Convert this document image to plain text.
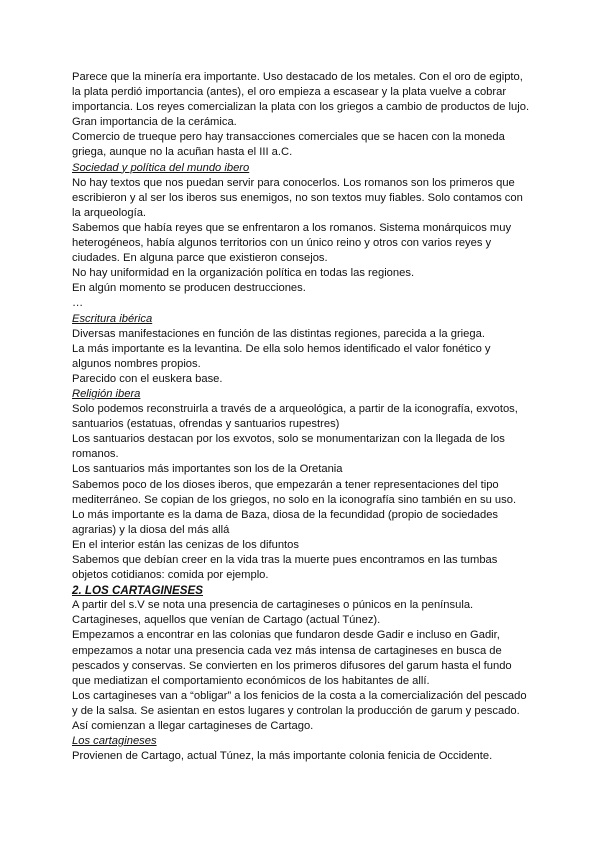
Parece que la minería era importante. Uso destacado de los metales. Con el oro de egipto,
la plata perdió importancia (antes), el oro empieza a escasear y la plata vuelve a cobrar
importancia. Los reyes comercializan la plata con los griegos a cambio de productos de lujo.
Gran importancia de la cerámica.
Comercio de trueque pero hay transacciones comerciales que se hacen con la moneda
griega, aunque no la acuñan hasta el III a.C.
Sociedad y política del mundo ibero
No hay textos que nos puedan servir para conocerlos. Los romanos son los primeros que
escribieron y al ser los iberos sus enemigos, no son textos muy fiables. Solo contamos con
la arqueología.
Sabemos que había reyes que se enfrentaron a los romanos. Sistema monárquicos muy
heterogéneos, había algunos territorios con un único reino y otros con varios reyes y
ciudades. En alguna parce que existieron consejos.
No hay uniformidad en la organización política en todas las regiones.
En algún momento se producen destrucciones.
…
Escritura ibérica
Diversas manifestaciones en función de las distintas regiones, parecida a la griega.
La más importante es la levantina. De ella solo hemos identificado el valor fonético y
algunos nombres propios.
Parecido con el euskera base.
Religión ibera
Solo podemos reconstruirla a través de a arqueológica, a partir de la iconografía, exvotos,
santuarios (estatuas, ofrendas y santuarios rupestres)
Los santuarios destacan por los exvotos, solo se monumentarizan con la llegada de los
romanos.
Los santuarios más importantes son los de la Oretania
Sabemos poco de los dioses iberos, que empezarán a tener representaciones del tipo
mediterráneo. Se copian de los griegos, no solo en la iconografía sino también en su uso.
Lo más importante es la dama de Baza, diosa de la fecundidad (propio de sociedades
agrarias) y la diosa del más allá
En el interior están las cenizas de los difuntos
Sabemos que debían creer en la vida tras la muerte pues encontramos en las tumbas
objetos cotidianos: comida por ejemplo.
2. LOS CARTAGINESES
A partir del s.V se nota una presencia de cartagineses o púnicos en la península.
Cartagineses, aquellos que venían de Cartago (actual Túnez).
Empezamos a encontrar en las colonias que fundaron desde Gadir e incluso en Gadir,
empezamos a notar una presencia cada vez más intensa de cartagineses en busca de
pescados y conservas. Se convierten en los primeros difusores del garum hasta el fundo
que mediatizan el comportamiento económicos de los habitantes de allí.
Los cartagineses van a “obligar” a los fenicios de la costa a la comercialización del pescado
y de la salsa. Se asientan en estos lugares y controlan la producción de garum y pescado.
Así comienzan a llegar cartagineses de Cartago.
Los cartagineses
Provienen de Cartago, actual Túnez, la más importante colonia fenicia de Occidente.
